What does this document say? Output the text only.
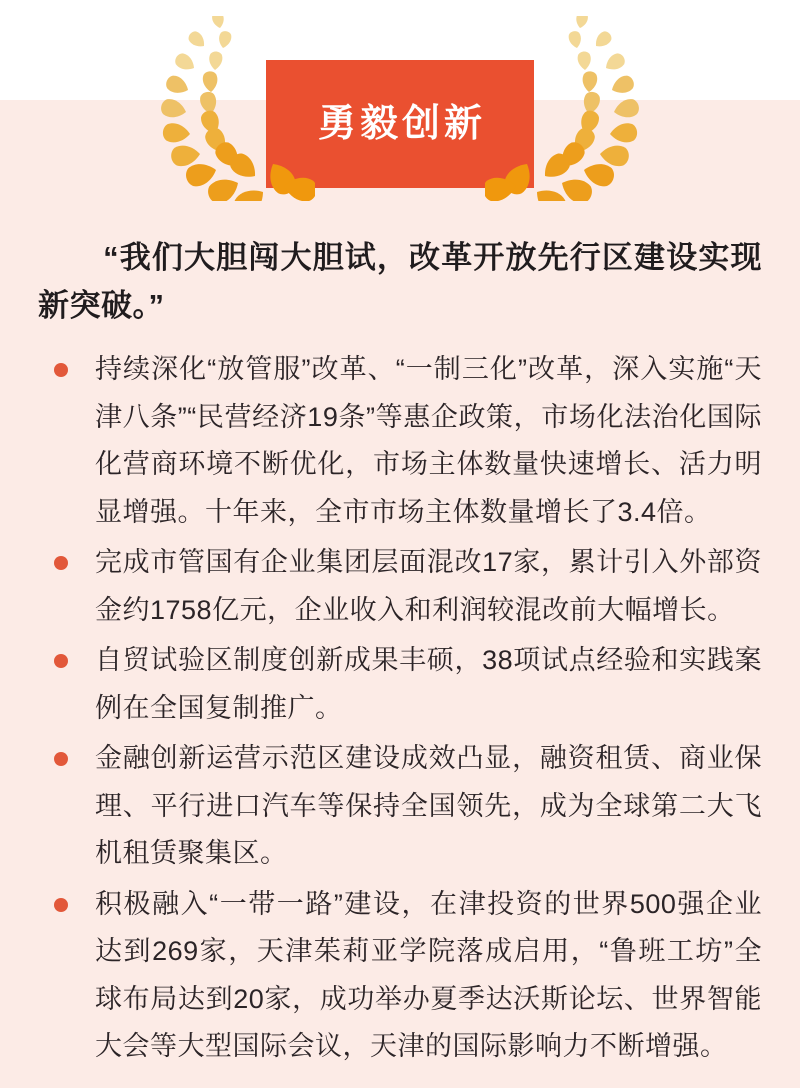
勇毅创新

“我们大胆闯大胆试，改革开放先行区建设实现新突破。”

持续深化“放管服”改革、“一制三化”改革，深入实施“天津八条”“民营经济19条”等惠企政策，市场化法治化国际化营商环境不断优化，市场主体数量快速增长、活力明显增强。十年来，全市市场主体数量增长了3.4倍。

完成市管国有企业集团层面混改17家，累计引入外部资金约1758亿元，企业收入和利润较混改前大幅增长。

自贸试验区制度创新成果丰硕，38项试点经验和实践案例在全国复制推广。

金融创新运营示范区建设成效凸显，融资租赁、商业保理、平行进口汽车等保持全国领先，成为全球第二大飞机租赁聚集区。

积极融入“一带一路”建设，在津投资的世界500强企业达到269家，天津茱莉亚学院落成启用，“鲁班工坊”全球布局达到20家，成功举办夏季达沃斯论坛、世界智能大会等大型国际会议，天津的国际影响力不断增强。
